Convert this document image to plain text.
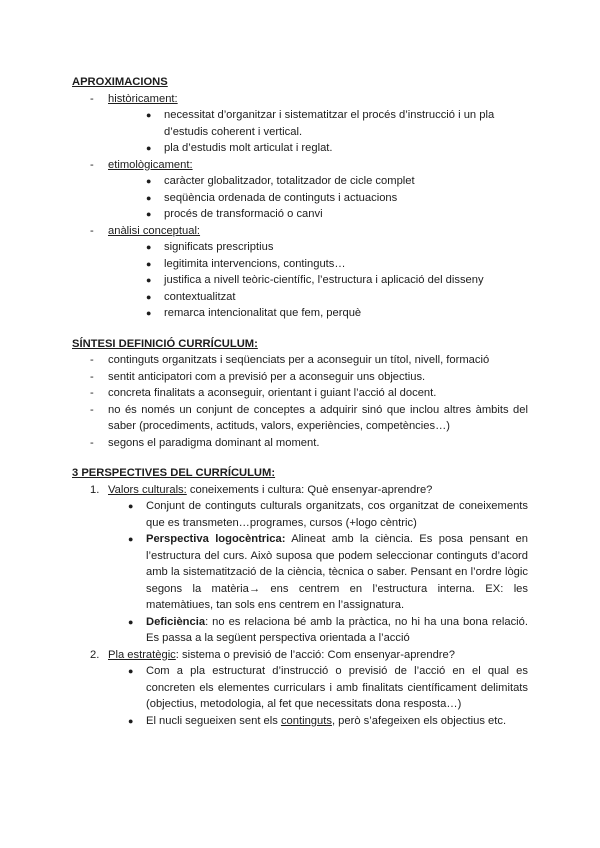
APROXIMACIONS

- històricament:
● necessitat d’organitzar i sistematitzar el procés d’instrucció i un pla d’estudis coherent i vertical.
● pla d’estudis molt articulat i reglat.
- etimològicament:
● caràcter globalitzador, totalitzador de cicle complet
● seqüència ordenada de continguts i actuacions
● procés de transformació o canvi
- anàlisi conceptual:
● significats prescriptius
● legitimita intervencions, continguts…
● justifica a nivell teòric-científic, l’estructura i aplicació del disseny
● contextualitzat
● remarca intencionalitat que fem, perquè

SÍNTESI DEFINICIÓ CURRÍCULUM:

- continguts organitzats i seqüenciats per a aconseguir un títol, nivell, formació
- sentit anticipatori com a previsió per a aconseguir uns objectius.
- concreta finalitats a aconseguir, orientant i guiant l’acció al docent.
- no és només un conjunt de conceptes a adquirir sinó que inclou altres àmbits del saber (procediments, actituds, valors, experiències, competències…)
- segons el paradigma dominant al moment.

3 PERSPECTIVES DEL CURRÍCULUM:

1. Valors culturals: coneixements i cultura: Què ensenyar-aprendre?
● Conjunt de continguts culturals organitzats, cos organitzat de coneixements que es transmeten…programes, cursos (+logo cèntric)
● Perspectiva logocèntrica: Alineat amb la ciència. Es posa pensant en l’estructura del curs. Això suposa que podem seleccionar continguts d’acord amb la sistematització de la ciència, tècnica o saber. Pensant en l’ordre lògic segons la matèria→ ens centrem en l’estructura interna. EX: les matemàtiues, tan sols ens centrem en l’assignatura.
● Deficiència: no es relaciona bé amb la pràctica, no hi ha una bona relació. Es passa a la següent perspectiva orientada a l’acció
2. Pla estratègic: sistema o previsió de l’acció: Com ensenyar-aprendre?
● Com a pla estructurat d’instrucció o previsió de l’acció en el qual es concreten els elementes curriculars i amb finalitats científicament delimitats (objectius, metodologia, al fet que necessitats dona resposta…)
● El nucli segueixen sent els continguts, però s’afegeixen els objectius etc.
